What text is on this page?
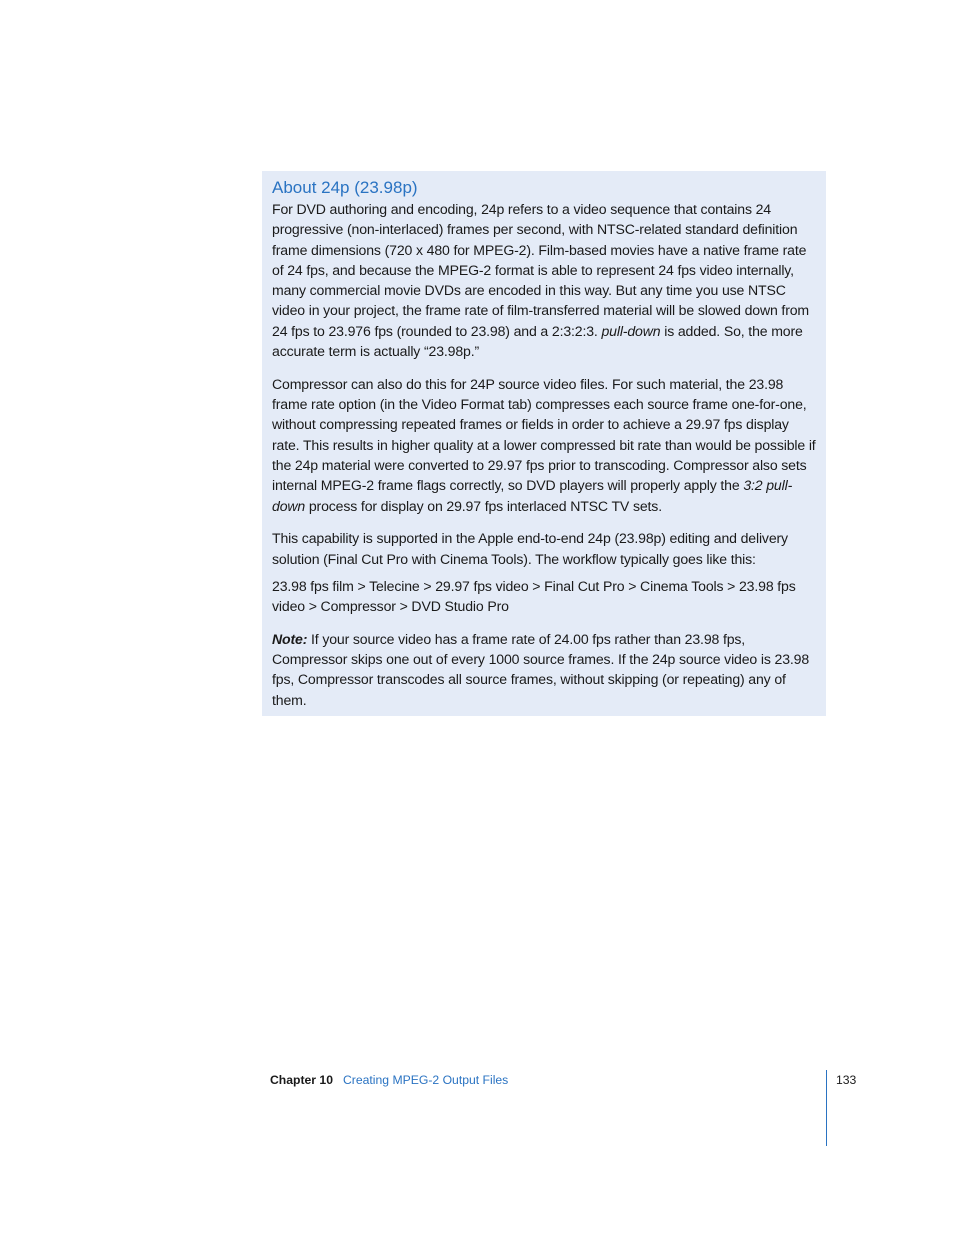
About 24p (23.98p)

For DVD authoring and encoding, 24p refers to a video sequence that contains 24 progressive (non-interlaced) frames per second, with NTSC-related standard definition frame dimensions (720 x 480 for MPEG-2). Film-based movies have a native frame rate of 24 fps, and because the MPEG-2 format is able to represent 24 fps video internally, many commercial movie DVDs are encoded in this way. But any time you use NTSC video in your project, the frame rate of film-transferred material will be slowed down from 24 fps to 23.976 fps (rounded to 23.98) and a 2:3:2:3. pull-down is added. So, the more accurate term is actually “23.98p.”

Compressor can also do this for 24P source video files. For such material, the 23.98 frame rate option (in the Video Format tab) compresses each source frame one-for-one, without compressing repeated frames or fields in order to achieve a 29.97 fps display rate. This results in higher quality at a lower compressed bit rate than would be possible if the 24p material were converted to 29.97 fps prior to transcoding. Compressor also sets internal MPEG-2 frame flags correctly, so DVD players will properly apply the 3:2 pull-down process for display on 29.97 fps interlaced NTSC TV sets.

This capability is supported in the Apple end-to-end 24p (23.98p) editing and delivery solution (Final Cut Pro with Cinema Tools). The workflow typically goes like this:

23.98 fps film > Telecine > 29.97 fps video > Final Cut Pro > Cinema Tools > 23.98 fps video > Compressor > DVD Studio Pro

Note: If your source video has a frame rate of 24.00 fps rather than 23.98 fps, Compressor skips one out of every 1000 source frames. If the 24p source video is 23.98 fps, Compressor transcodes all source frames, without skipping (or repeating) any of them.

Chapter 10 Creating MPEG-2 Output Files	133
